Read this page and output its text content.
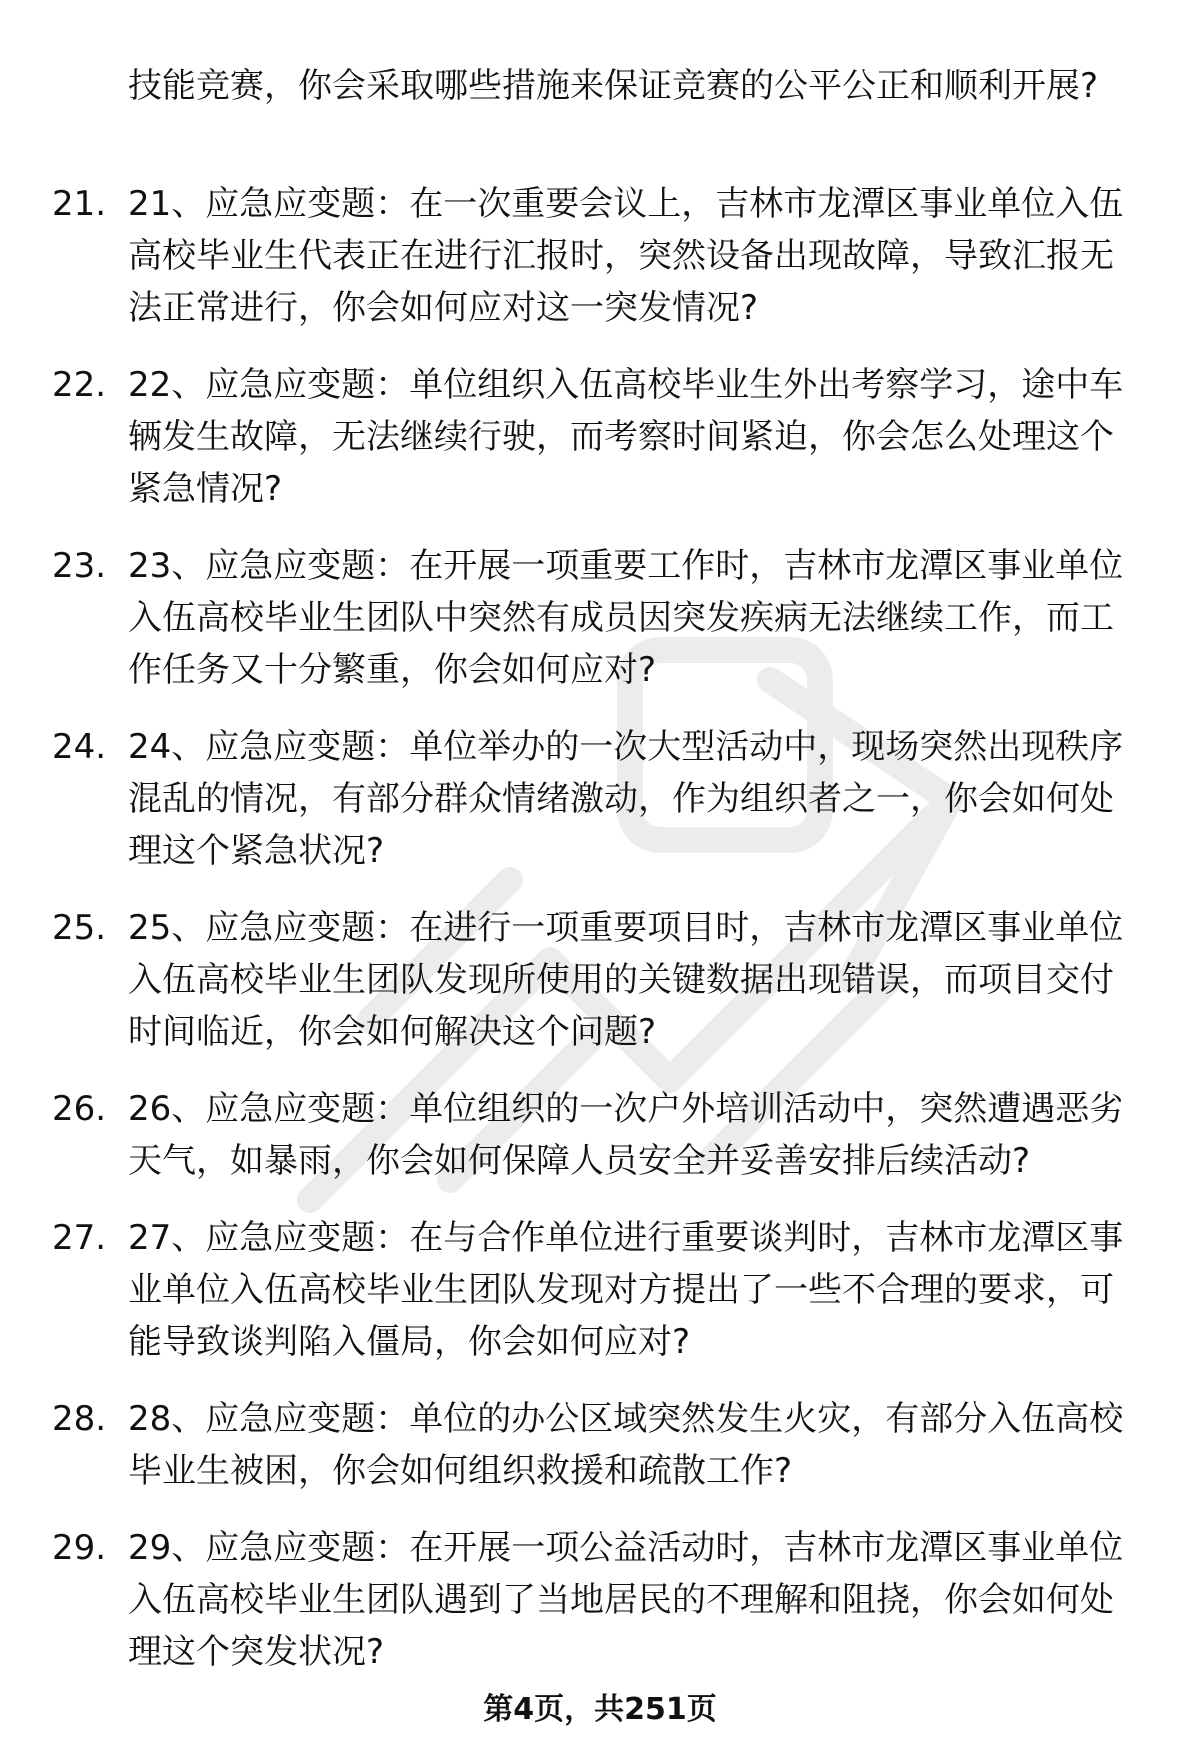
技能竞赛，你会采取哪些措施来保证竞赛的公平公正和顺利开展?

21. 21、应急应变题：在一次重要会议上，吉林市龙潭区事业单位入伍高校毕业生代表正在进行汇报时，突然设备出现故障，导致汇报无法正常进行，你会如何应对这一突发情况?
22. 22、应急应变题：单位组织入伍高校毕业生外出考察学习，途中车辆发生故障，无法继续行驶，而考察时间紧迫，你会怎么处理这个紧急情况?
23. 23、应急应变题：在开展一项重要工作时，吉林市龙潭区事业单位入伍高校毕业生团队中突然有成员因突发疾病无法继续工作，而工作任务又十分繁重，你会如何应对?
24. 24、应急应变题：单位举办的一次大型活动中，现场突然出现秩序混乱的情况，有部分群众情绪激动，作为组织者之一，你会如何处理这个紧急状况?
25. 25、应急应变题：在进行一项重要项目时，吉林市龙潭区事业单位入伍高校毕业生团队发现所使用的关键数据出现错误，而项目交付时间临近，你会如何解决这个问题?
26. 26、应急应变题：单位组织的一次户外培训活动中，突然遭遇恶劣天气，如暴雨，你会如何保障人员安全并妥善安排后续活动?
27. 27、应急应变题：在与合作单位进行重要谈判时，吉林市龙潭区事业单位入伍高校毕业生团队发现对方提出了一些不合理的要求，可能导致谈判陷入僵局，你会如何应对?
28. 28、应急应变题：单位的办公区域突然发生火灾，有部分入伍高校毕业生被困，你会如何组织救援和疏散工作?
29. 29、应急应变题：在开展一项公益活动时，吉林市龙潭区事业单位入伍高校毕业生团队遇到了当地居民的不理解和阻挠，你会如何处理这个突发状况?
第4页，共251页
